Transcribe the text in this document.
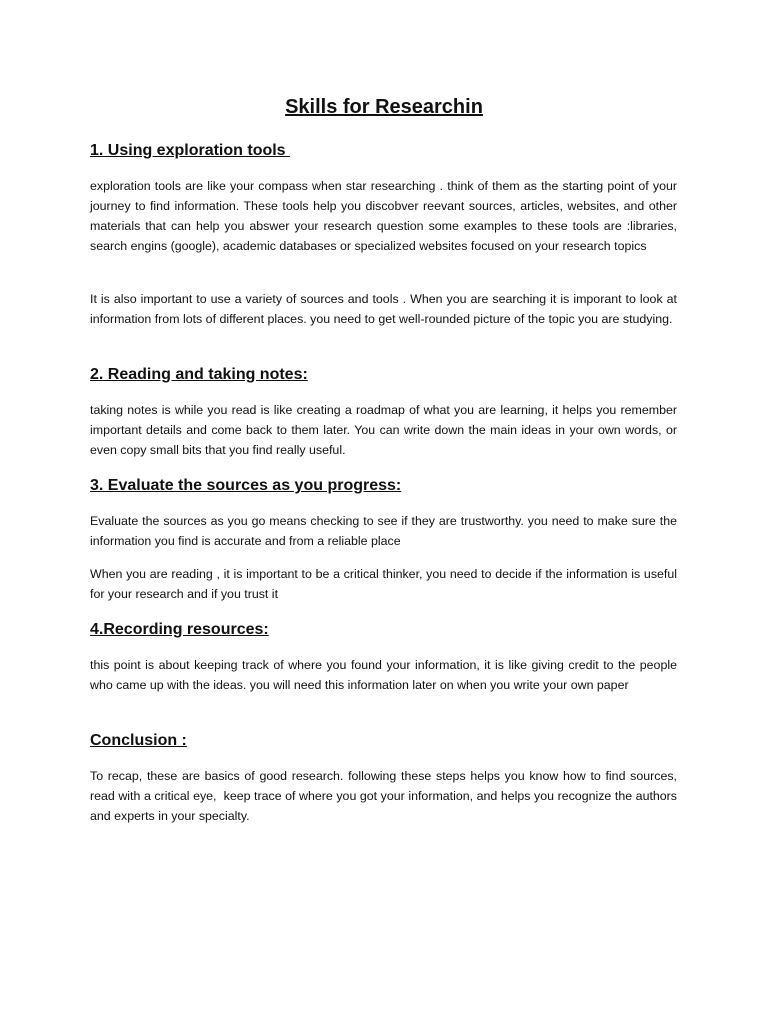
Skills for Researchin
1. Using exploration tools

exploration tools are like your compass when star researching . think of them as the starting point of your journey to find information. These tools help you discobver reevant sources, articles, websites, and other materials that can help you abswer your research question some examples to these tools are :libraries,  search engins (google), academic databases or specialized websites focused on your research topics

It is also important to use a variety of sources and tools . When you are searching it is imporant to look at information from lots of different places. you need to get well-rounded picture of the topic you are studying.

2. Reading and taking notes:

taking notes is while you read is like creating a roadmap of what you are learning, it helps you remember important details and come back to them later. You can write down the main ideas in your own words, or even copy small bits that you find really useful.

3. Evaluate the sources as you progress:

Evaluate the sources as you go means checking to see if they are trustworthy. you need to make sure the information you find is accurate and from a reliable place

When you are reading , it is important to be a critical thinker, you need to decide if the information is useful for your research and if you trust it

4.Recording resources:

this point is about keeping track of where you found your information, it is like giving credit to the people who came up with the ideas. you will need this information later on when you write your own paper

Conclusion :

To recap, these are basics of good research. following these steps helps you know how to find sources, read with a critical eye,  keep trace of where you got your information, and helps you recognize the authors and experts in your specialty.
